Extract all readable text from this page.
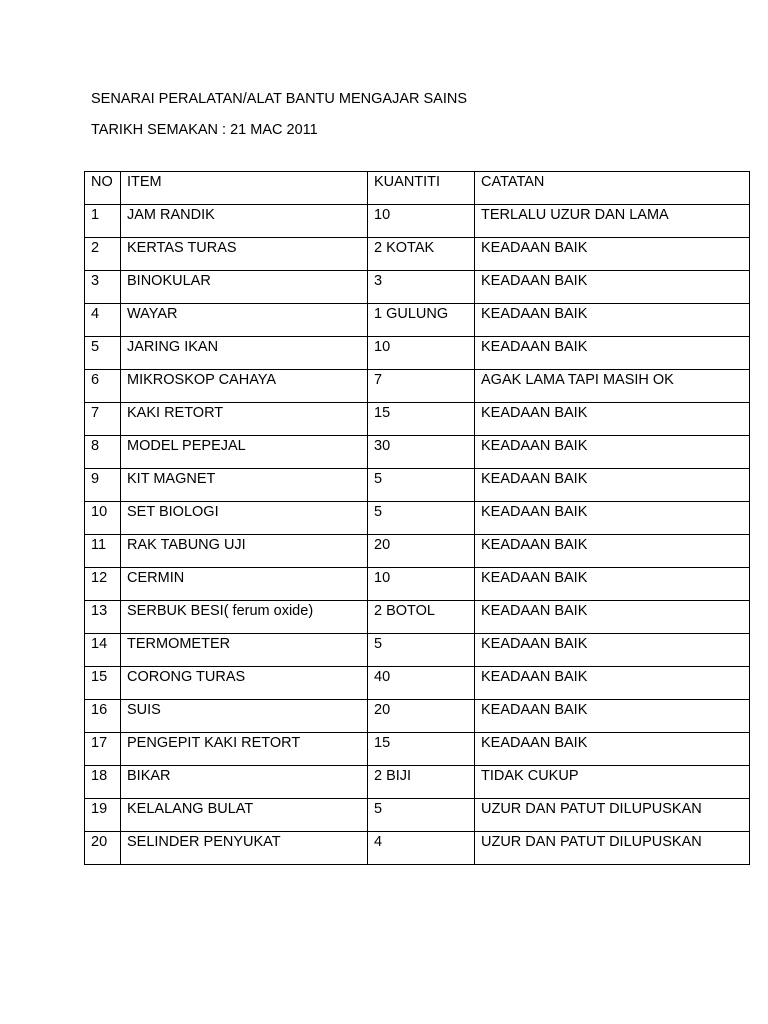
SENARAI PERALATAN/ALAT BANTU MENGAJAR SAINS
TARIKH SEMAKAN : 21 MAC 2011
NO	ITEM	KUANTITI	CATATAN
1	JAM RANDIK	10	TERLALU UZUR DAN LAMA
2	KERTAS TURAS	2 KOTAK	KEADAAN BAIK
3	BINOKULAR	3	KEADAAN BAIK
4	WAYAR	1 GULUNG	KEADAAN BAIK
5	JARING IKAN	10	KEADAAN BAIK
6	MIKROSKOP CAHAYA	7	AGAK LAMA TAPI MASIH OK
7	KAKI RETORT	15	KEADAAN BAIK
8	MODEL PEPEJAL	30	KEADAAN BAIK
9	KIT MAGNET	5	KEADAAN BAIK
10	SET BIOLOGI	5	KEADAAN BAIK
11	RAK TABUNG UJI	20	KEADAAN BAIK
12	CERMIN	10	KEADAAN BAIK
13	SERBUK BESI( ferum oxide)	2 BOTOL	KEADAAN BAIK
14	TERMOMETER	5	KEADAAN BAIK
15	CORONG TURAS	40	KEADAAN BAIK
16	SUIS	20	KEADAAN BAIK
17	PENGEPIT KAKI RETORT	15	KEADAAN BAIK
18	BIKAR	2 BIJI	TIDAK CUKUP
19	KELALANG BULAT	5	UZUR DAN PATUT DILUPUSKAN
20	SELINDER PENYUKAT	4	UZUR DAN PATUT DILUPUSKAN
